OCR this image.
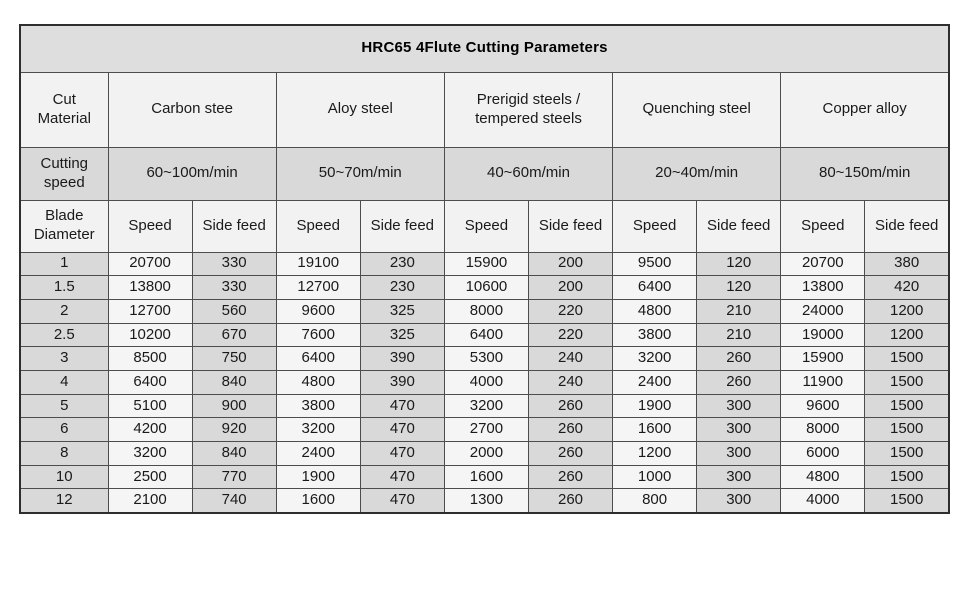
HRC65 4Flute Cutting Parameters										
Cut Material	Carbon stee		Aloy steel		Prerigid steels / tempered steels		Quenching steel		Copper alloy	
Cutting speed	60~100m/min		50~70m/min		40~60m/min		20~40m/min		80~150m/min	
Blade Diameter	Speed	Side feed	Speed	Side feed	Speed	Side feed	Speed	Side feed	Speed	Side feed
1	20700	330	19100	230	15900	200	9500	120	20700	380
1.5	13800	330	12700	230	10600	200	6400	120	13800	420
2	12700	560	9600	325	8000	220	4800	210	24000	1200
2.5	10200	670	7600	325	6400	220	3800	210	19000	1200
3	8500	750	6400	390	5300	240	3200	260	15900	1500
4	6400	840	4800	390	4000	240	2400	260	11900	1500
5	5100	900	3800	470	3200	260	1900	300	9600	1500
6	4200	920	3200	470	2700	260	1600	300	8000	1500
8	3200	840	2400	470	2000	260	1200	300	6000	1500
10	2500	770	1900	470	1600	260	1000	300	4800	1500
12	2100	740	1600	470	1300	260	800	300	4000	1500
